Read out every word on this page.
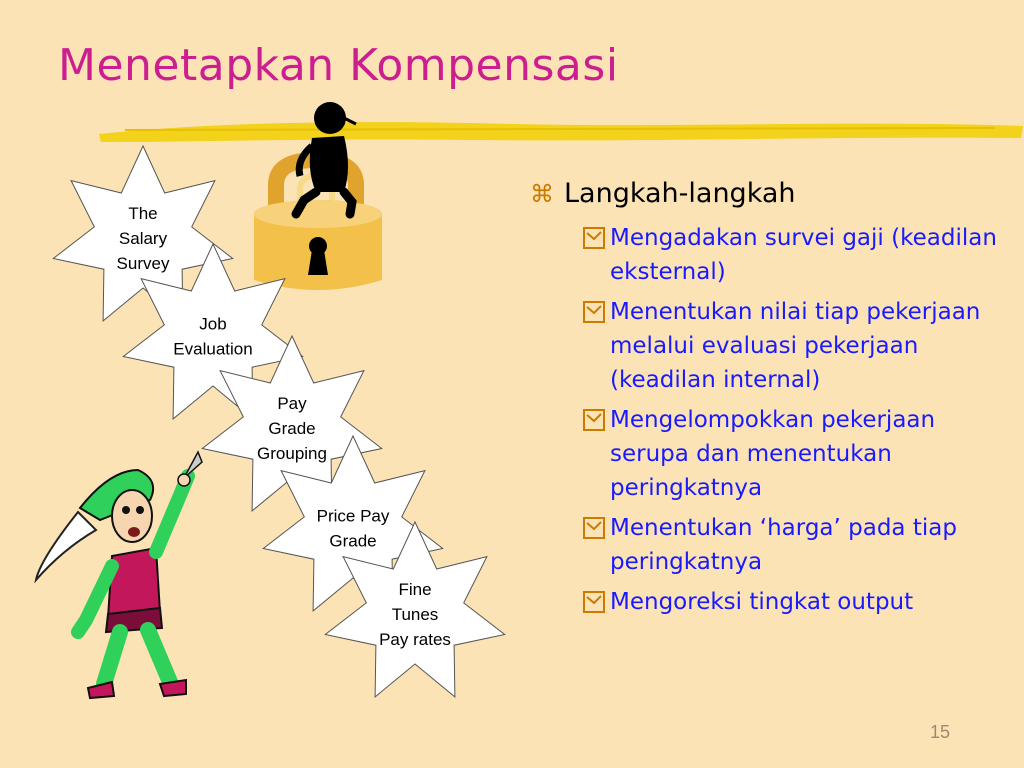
Menetapkan Kompensasi
The
Salary
Survey
Job
Evaluation
Pay
Grade
Grouping
Price Pay
Grade
Fine
Tunes
Pay rates
⌘ Langkah-langkah
Mengadakan survei gaji (keadilan eksternal)
Menentukan nilai tiap pekerjaan melalui evaluasi pekerjaan (keadilan internal)
Mengelompokkan pekerjaan serupa dan menentukan peringkatnya
Menentukan ‘harga’ pada tiap peringkatnya
Mengoreksi tingkat output
15
